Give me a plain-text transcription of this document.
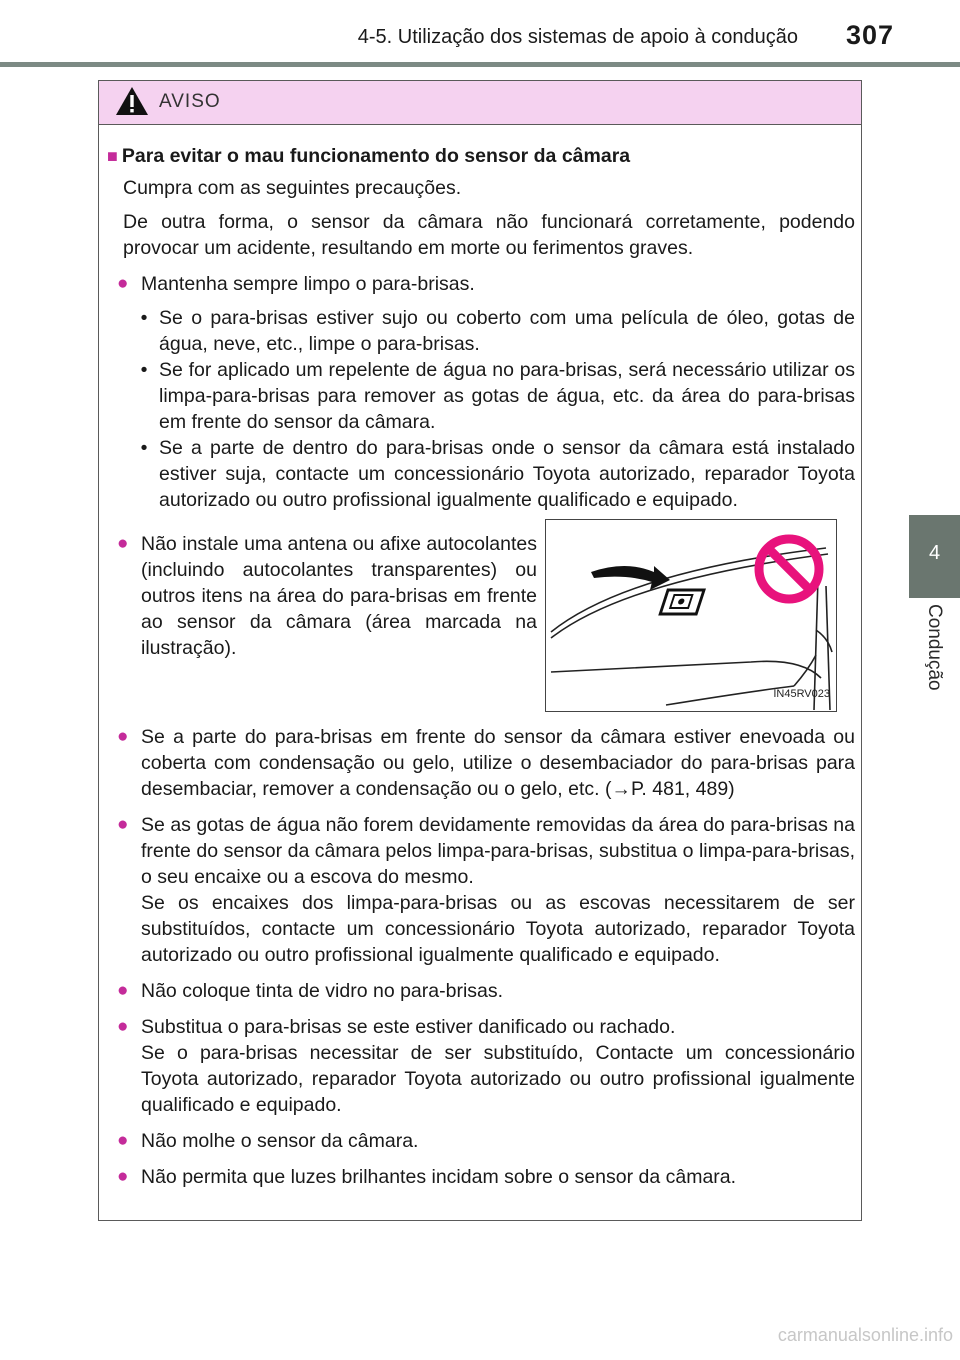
4-5. Utilização dos sistemas de apoio à condução	307
4
Condução
AVISO

■ Para evitar o mau funcionamento do sensor da câmara

Cumpra com as seguintes precauções.

De outra forma, o sensor da câmara não funcionará corretamente, podendo provocar um acidente, resultando em morte ou ferimentos graves.

● Mantenha sempre limpo o para-brisas.
• Se o para-brisas estiver sujo ou coberto com uma película de óleo, gotas de água, neve, etc., limpe o para-brisas.
• Se for aplicado um repelente de água no para-brisas, será necessário utilizar os limpa-para-brisas para remover as gotas de água, etc. da área do para-brisas em frente do sensor da câmara.
• Se a parte de dentro do para-brisas onde o sensor da câmara está instalado estiver suja, contacte um concessionário Toyota autorizado, reparador Toyota autorizado ou outro profissional igualmente qualificado e equipado.
● Não instale uma antena ou afixe autocolantes (incluindo autocolantes transparentes) ou outros itens na área do para-brisas em frente ao sensor da câmara (área marcada na ilustração).
IN45RV023
● Se a parte do para-brisas em frente do sensor da câmara estiver enevoada ou coberta com condensação ou gelo, utilize o desembaciador do para-brisas para desembaciar, remover a condensação ou o gelo, etc. (→P. 481, 489)
● Se as gotas de água não forem devidamente removidas da área do para-brisas na frente do sensor da câmara pelos limpa-para-brisas, substitua o limpa-para-brisas, o seu encaixe ou a escova do mesmo.

Se os encaixes dos limpa-para-brisas ou as escovas necessitarem de ser substituídos, contacte um concessionário Toyota autorizado, reparador Toyota autorizado ou outro profissional igualmente qualificado e equipado.

● Não coloque tinta de vidro no para-brisas.
● Substitua o para-brisas se este estiver danificado ou rachado.

Se o para-brisas necessitar de ser substituído, Contacte um concessionário Toyota autorizado, reparador Toyota autorizado ou outro profissional igualmente qualificado e equipado.

● Não molhe o sensor da câmara.
● Não permita que luzes brilhantes incidam sobre o sensor da câmara.
carmanualsonline.info
